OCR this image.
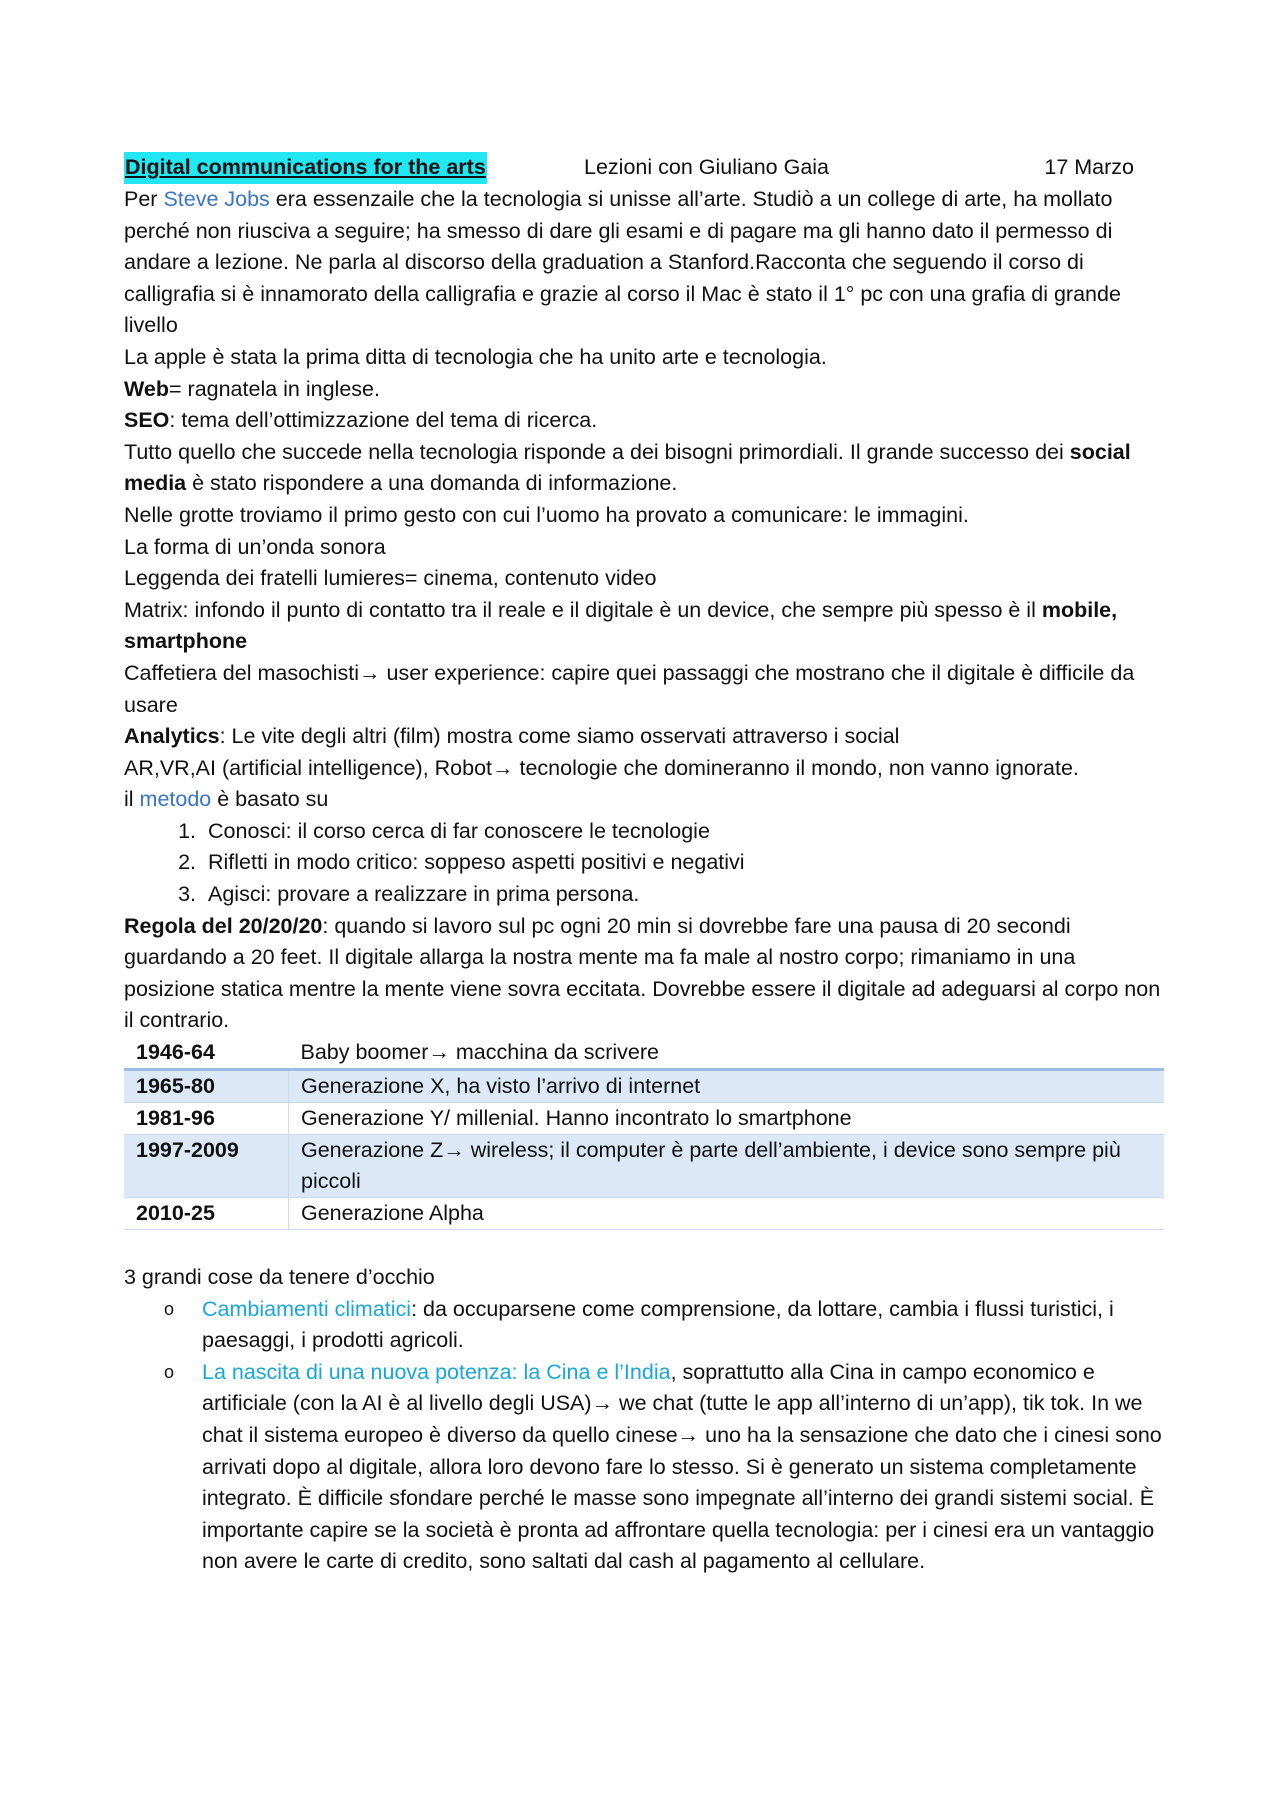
Digital communications for the arts	Lezioni con Giuliano Gaia	17 Marzo

Per Steve Jobs era essenzaile che la tecnologia si unisse all’arte. Studiò a un college di arte, ha mollato perché non riusciva a seguire; ha smesso di dare gli esami e di pagare ma gli hanno dato il permesso di andare a lezione. Ne parla al discorso della graduation a Stanford.Racconta che seguendo il corso di calligrafia si è innamorato della calligrafia e grazie al corso il Mac è stato il 1° pc con una grafia di grande livello

La apple è stata la prima ditta di tecnologia che ha unito arte e tecnologia.

Web= ragnatela in inglese.

SEO: tema dell’ottimizzazione del tema di ricerca.

Tutto quello che succede nella tecnologia risponde a dei bisogni primordiali. Il grande successo dei social media è stato rispondere a una domanda di informazione.

Nelle grotte troviamo il primo gesto con cui l’uomo ha provato a comunicare: le immagini.

La forma di un’onda sonora

Leggenda dei fratelli lumieres= cinema, contenuto video

Matrix: infondo il punto di contatto tra il reale e il digitale è un device, che sempre più spesso è il mobile, smartphone

Caffetiera del masochisti→ user experience: capire quei passaggi che mostrano che il digitale è difficile da usare

Analytics: Le vite degli altri (film) mostra come siamo osservati attraverso i social

AR,VR,AI (artificial intelligence), Robot→ tecnologie che domineranno il mondo, non vanno ignorate.

il metodo è basato su

1. Conosci: il corso cerca di far conoscere le tecnologie
2. Rifletti in modo critico: soppeso aspetti positivi e negativi
3. Agisci: provare a realizzare in prima persona.

Regola del 20/20/20: quando si lavoro sul pc ogni 20 min si dovrebbe fare una pausa di 20 secondi guardando a 20 feet. Il digitale allarga la nostra mente ma fa male al nostro corpo; rimaniamo in una posizione statica mentre la mente viene sovra eccitata. Dovrebbe essere il digitale ad adeguarsi al corpo non il contrario.

1946-64	Baby boomer→ macchina da scrivere
1965-80	Generazione X, ha visto l’arrivo di internet
1981-96	Generazione Y/ millenial. Hanno incontrato lo smartphone
1997-2009	Generazione Z→ wireless; il computer è parte dell’ambiente, i device sono sempre più piccoli
2010-25	Generazione Alpha

3 grandi cose da tenere d’occhio

o Cambiamenti climatici: da occuparsene come comprensione, da lottare, cambia i flussi turistici, i paesaggi, i prodotti agricoli.
o La nascita di una nuova potenza: la Cina e l’India, soprattutto alla Cina in campo economico e artificiale (con la AI è al livello degli USA)→ we chat (tutte le app all’interno di un’app), tik tok. In we chat il sistema europeo è diverso da quello cinese→ uno ha la sensazione che dato che i cinesi sono arrivati dopo al digitale, allora loro devono fare lo stesso. Si è generato un sistema completamente integrato. È difficile sfondare perché le masse sono impegnate all’interno dei grandi sistemi social. È importante capire se la società è pronta ad affrontare quella tecnologia: per i cinesi era un vantaggio non avere le carte di credito, sono saltati dal cash al pagamento al cellulare.
